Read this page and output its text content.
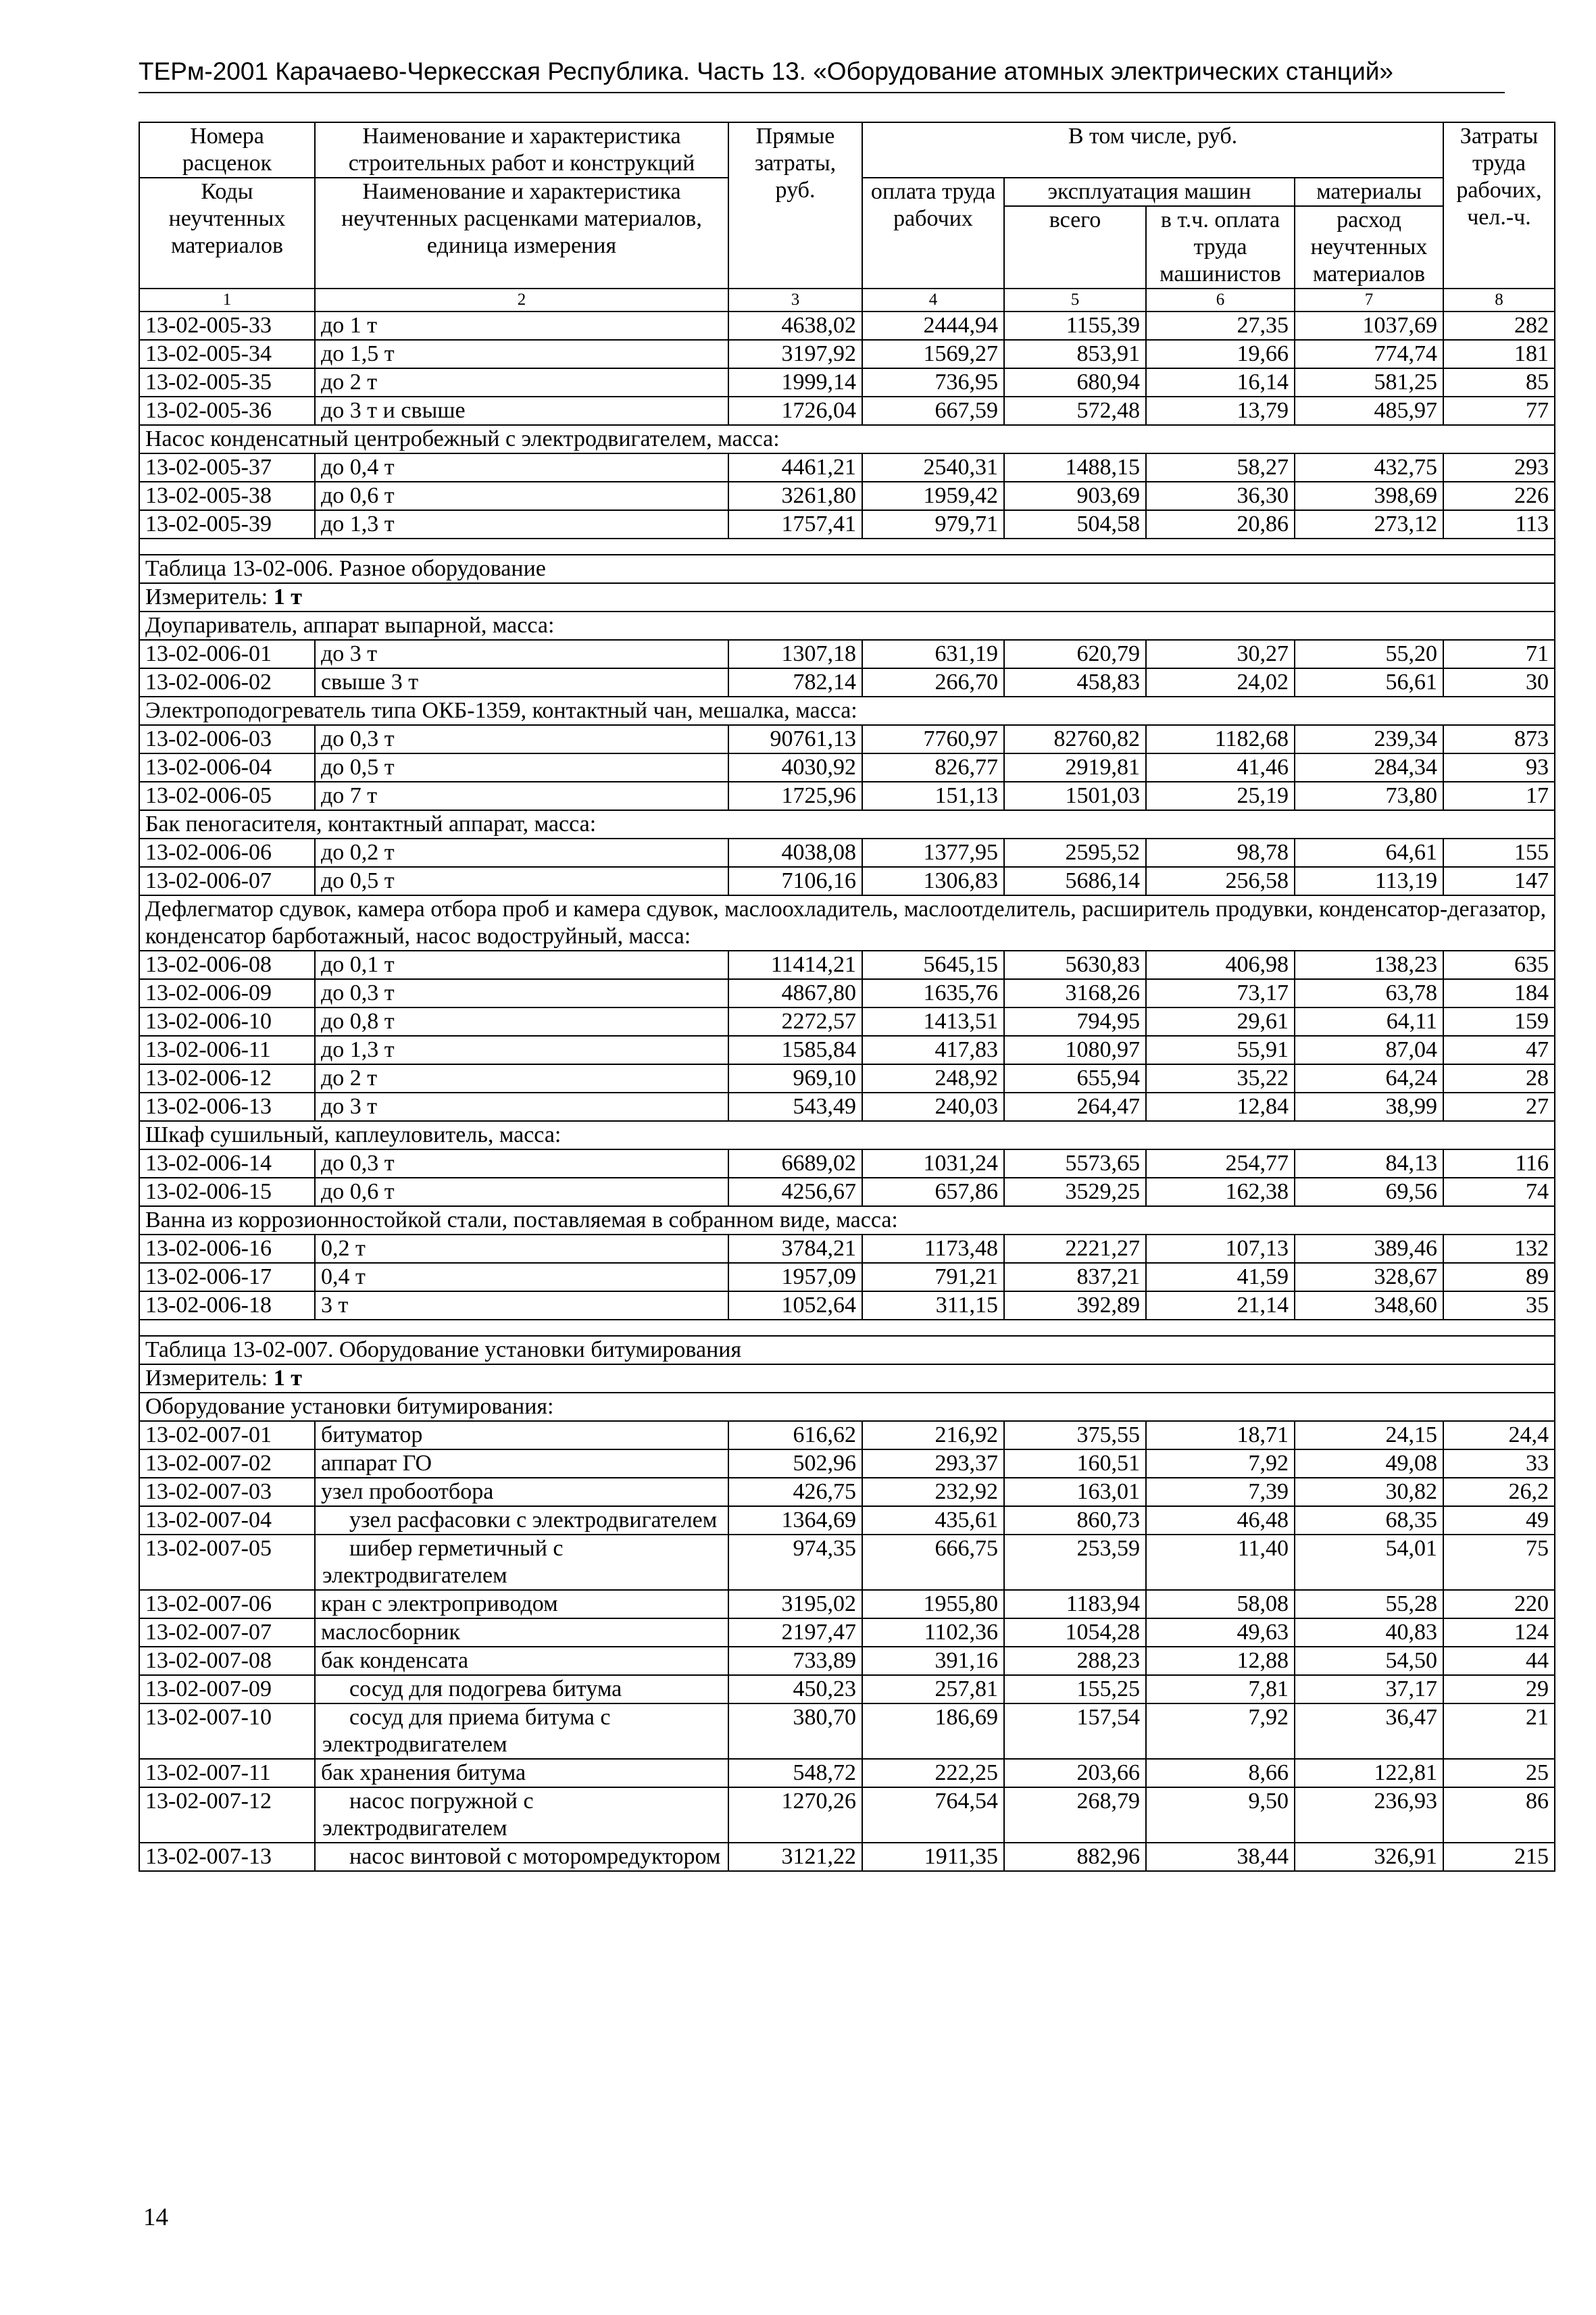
ТЕРм-2001 Карачаево-Черкесская Республика. Часть 13. «Оборудование атомных электрических станций»
Номера расценок	Наименование и характеристика строительных работ и конструкций	Прямые затраты, руб.	В том числе, руб.				Затраты труда рабочих, чел.-ч.
Коды неучтенных материалов	Наименование и характеристика неучтенных расценками материалов, единица измерения		оплата труда рабочих	эксплуатация машин		материалы	
				всего	в т.ч. оплата труда машинистов	расход неучтенных материалов	
1	2	3	4	5	6	7	8
13-02-005-33	до 1 т	4638,02	2444,94	1155,39	27,35	1037,69	282
13-02-005-34	до 1,5 т	3197,92	1569,27	853,91	19,66	774,74	181
13-02-005-35	до 2 т	1999,14	736,95	680,94	16,14	581,25	85
13-02-005-36	до 3 т и свыше	1726,04	667,59	572,48	13,79	485,97	77
Насос конденсатный центробежный с электродвигателем, масса:							
13-02-005-37	до 0,4 т	4461,21	2540,31	1488,15	58,27	432,75	293
13-02-005-38	до 0,6 т	3261,80	1959,42	903,69	36,30	398,69	226
13-02-005-39	до 1,3 т	1757,41	979,71	504,58	20,86	273,12	113

Таблица 13-02-006. Разное оборудование							
Измеритель: 1 т							
Доупариватель, аппарат выпарной, масса:							
13-02-006-01	до 3 т	1307,18	631,19	620,79	30,27	55,20	71
13-02-006-02	свыше 3 т	782,14	266,70	458,83	24,02	56,61	30
Электроподогреватель типа ОКБ-1359, контактный чан, мешалка, масса:							
13-02-006-03	до 0,3 т	90761,13	7760,97	82760,82	1182,68	239,34	873
13-02-006-04	до 0,5 т	4030,92	826,77	2919,81	41,46	284,34	93
13-02-006-05	до 7 т	1725,96	151,13	1501,03	25,19	73,80	17
Бак пеногасителя, контактный аппарат, масса:							
13-02-006-06	до 0,2 т	4038,08	1377,95	2595,52	98,78	64,61	155
13-02-006-07	до 0,5 т	7106,16	1306,83	5686,14	256,58	113,19	147
Дефлегматор сдувок, камера отбора проб и камера сдувок, маслоохладитель, маслоотделитель, расширитель продувки, конденсатор-дегазатор, конденсатор барботажный, насос водоструйный, масса:							
13-02-006-08	до 0,1 т	11414,21	5645,15	5630,83	406,98	138,23	635
13-02-006-09	до 0,3 т	4867,80	1635,76	3168,26	73,17	63,78	184
13-02-006-10	до 0,8 т	2272,57	1413,51	794,95	29,61	64,11	159
13-02-006-11	до 1,3 т	1585,84	417,83	1080,97	55,91	87,04	47
13-02-006-12	до 2 т	969,10	248,92	655,94	35,22	64,24	28
13-02-006-13	до 3 т	543,49	240,03	264,47	12,84	38,99	27
Шкаф сушильный, каплеуловитель, масса:							
13-02-006-14	до 0,3 т	6689,02	1031,24	5573,65	254,77	84,13	116
13-02-006-15	до 0,6 т	4256,67	657,86	3529,25	162,38	69,56	74
Ванна из коррозионностойкой стали, поставляемая в собранном виде, масса:							
13-02-006-16	0,2 т	3784,21	1173,48	2221,27	107,13	389,46	132
13-02-006-17	0,4 т	1957,09	791,21	837,21	41,59	328,67	89
13-02-006-18	3 т	1052,64	311,15	392,89	21,14	348,60	35

Таблица 13-02-007. Оборудование установки битумирования							
Измеритель: 1 т							
Оборудование установки битумирования:							
13-02-007-01	битуматор	616,62	216,92	375,55	18,71	24,15	24,4
13-02-007-02	аппарат ГО	502,96	293,37	160,51	7,92	49,08	33
13-02-007-03	узел пробоотбора	426,75	232,92	163,01	7,39	30,82	26,2
13-02-007-04	узел расфасовки с электродвигателем	1364,69	435,61	860,73	46,48	68,35	49
13-02-007-05	шибер герметичный с электродвигателем	974,35	666,75	253,59	11,40	54,01	75
13-02-007-06	кран с электроприводом	3195,02	1955,80	1183,94	58,08	55,28	220
13-02-007-07	маслосборник	2197,47	1102,36	1054,28	49,63	40,83	124
13-02-007-08	бак конденсата	733,89	391,16	288,23	12,88	54,50	44
13-02-007-09	сосуд для подогрева битума	450,23	257,81	155,25	7,81	37,17	29
13-02-007-10	сосуд для приема битума с электродвигателем	380,70	186,69	157,54	7,92	36,47	21
13-02-007-11	бак хранения битума	548,72	222,25	203,66	8,66	122,81	25
13-02-007-12	насос погружной с электродвигателем	1270,26	764,54	268,79	9,50	236,93	86
13-02-007-13	насос винтовой с моторомредуктором	3121,22	1911,35	882,96	38,44	326,91	215
14
